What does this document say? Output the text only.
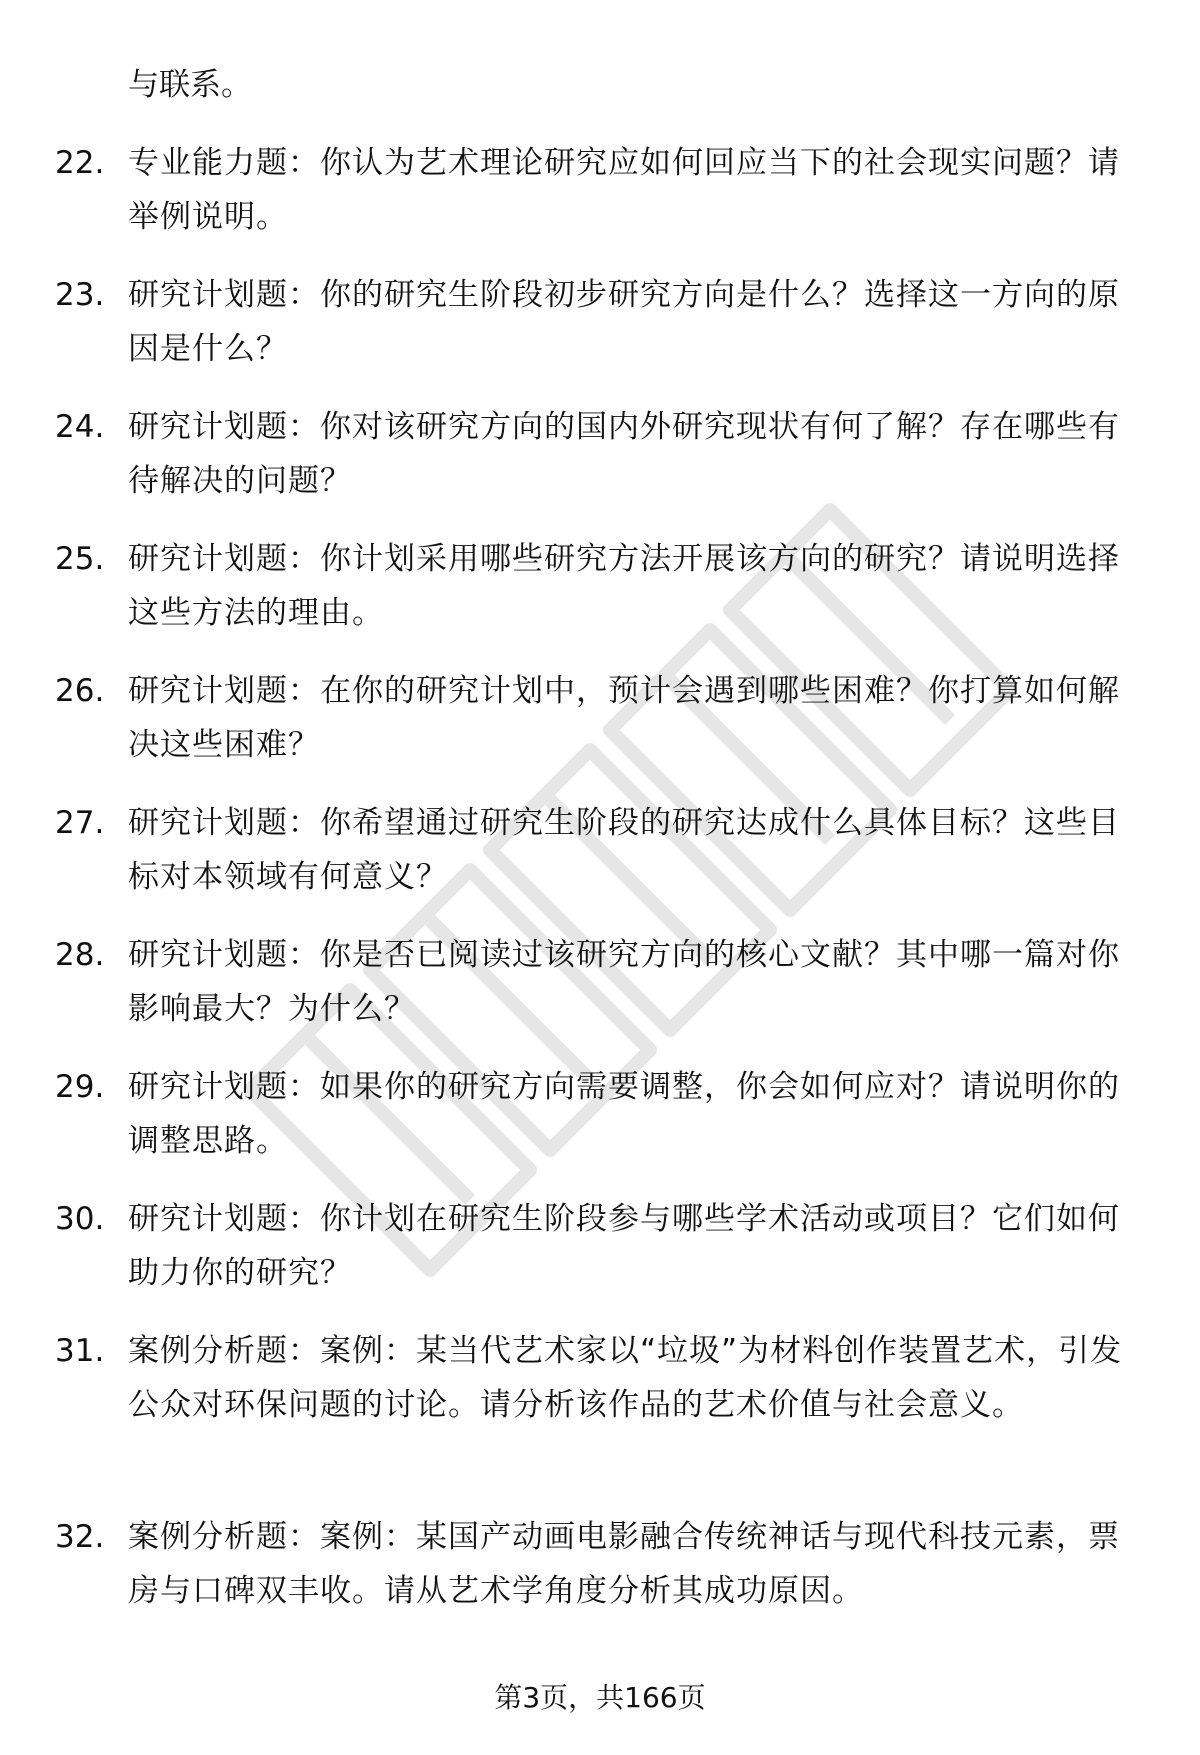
与联系。
22. 专业能力题：你认为艺术理论研究应如何回应当下的社会现实问题？请举例说明。
23. 研究计划题：你的研究生阶段初步研究方向是什么？选择这一方向的原因是什么？
24. 研究计划题：你对该研究方向的国内外研究现状有何了解？存在哪些有待解决的问题？
25. 研究计划题：你计划采用哪些研究方法开展该方向的研究？请说明选择这些方法的理由。
26. 研究计划题：在你的研究计划中，预计会遇到哪些困难？你打算如何解决这些困难？
27. 研究计划题：你希望通过研究生阶段的研究达成什么具体目标？这些目标对本领域有何意义？
28. 研究计划题：你是否已阅读过该研究方向的核心文献？其中哪一篇对你影响最大？为什么？
29. 研究计划题：如果你的研究方向需要调整，你会如何应对？请说明你的调整思路。
30. 研究计划题：你计划在研究生阶段参与哪些学术活动或项目？它们如何助力你的研究？
31. 案例分析题：案例：某当代艺术家以“垃圾”为材料创作装置艺术，引发公众对环保问题的讨论。请分析该作品的艺术价值与社会意义。
32. 案例分析题：案例：某国产动画电影融合传统神话与现代科技元素，票房与口碑双丰收。请从艺术学角度分析其成功原因。
第3页，共166页
